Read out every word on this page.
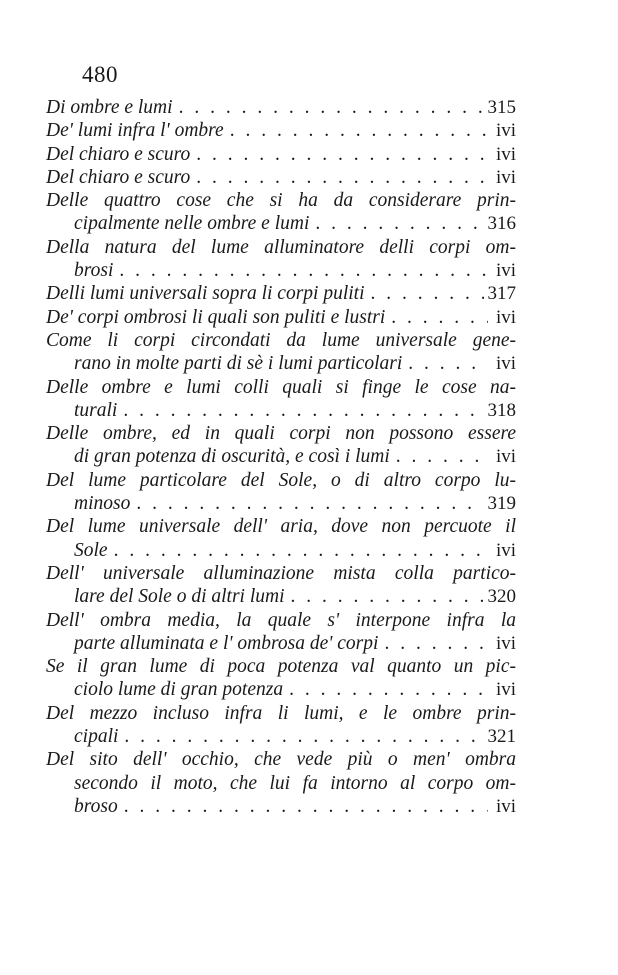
480
Di ombre e lumi . . .	315
De' lumi infra l' ombre . . .	ivi
Del chiaro e scuro . . .	ivi
Del chiaro e scuro . . .	ivi
Delle quattro cose che si ha da considerare prin-
cipalmente nelle ombre e lumi . . .	316
Della natura del lume alluminatore delli corpi om-
brosi . . .	ivi
Delli lumi universali sopra li corpi puliti . . .	317
De' corpi ombrosi li quali son puliti e lustri . . .	ivi
Come li corpi circondati da lume universale gene-
rano in molte parti di sè i lumi particolari . . .	ivi
Delle ombre e lumi colli quali si finge le cose na-
turali . . .	318
Delle ombre, ed in quali corpi non possono essere
di gran potenza di oscurità, e così i lumi . . .	ivi
Del lume particolare del Sole, o di altro corpo lu-
minoso . . .	319
Del lume universale dell' aria, dove non percuote il
Sole . . .	ivi
Dell' universale alluminazione mista colla partico-
lare del Sole o di altri lumi . . .	320
Dell' ombra media, la quale s' interpone infra la
parte alluminata e l' ombrosa de' corpi . . .	ivi
Se il gran lume di poca potenza val quanto un pic-
ciolo lume di gran potenza . . .	ivi
Del mezzo incluso infra li lumi, e le ombre prin-
cipali . . .	321
Del sito dell' occhio, che vede più o men' ombra
secondo il moto, che lui fa intorno al corpo om-
broso . . .	ivi
